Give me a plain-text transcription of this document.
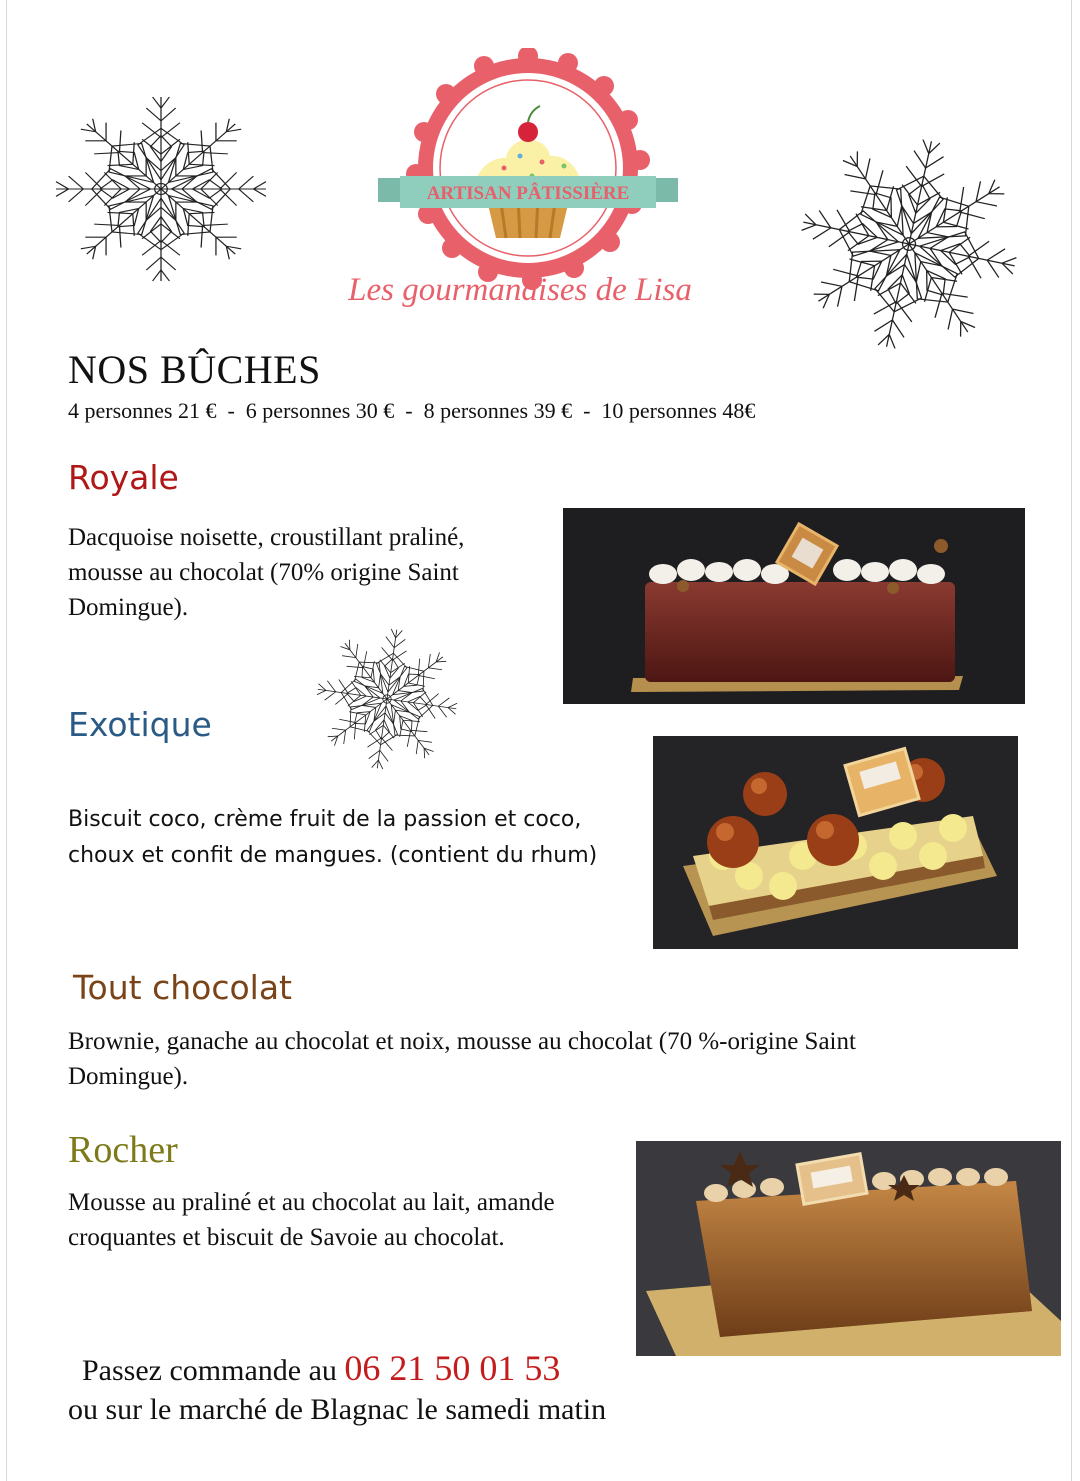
ARTISAN PÂTISSIÈRE
Les gourmandises de Lisa
NOS BÛCHES
4 personnes 21 €  -  6 personnes 30 €  -  8 personnes 39 €  -  10 personnes 48€
Royale
Dacquoise noisette, croustillant praliné,
mousse au chocolat (70% origine Saint
Domingue).
Exotique
Biscuit coco, crème fruit de la passion et coco,
choux et confit de mangues. (contient du rhum)
Tout chocolat
Brownie, ganache au chocolat et noix, mousse au chocolat (70 %-origine Saint
Domingue).
Rocher
Mousse au praliné et au chocolat au lait, amande
croquantes et biscuit de Savoie au chocolat.
Passez commande au 06 21 50 01 53
ou sur le marché de Blagnac le samedi matin
